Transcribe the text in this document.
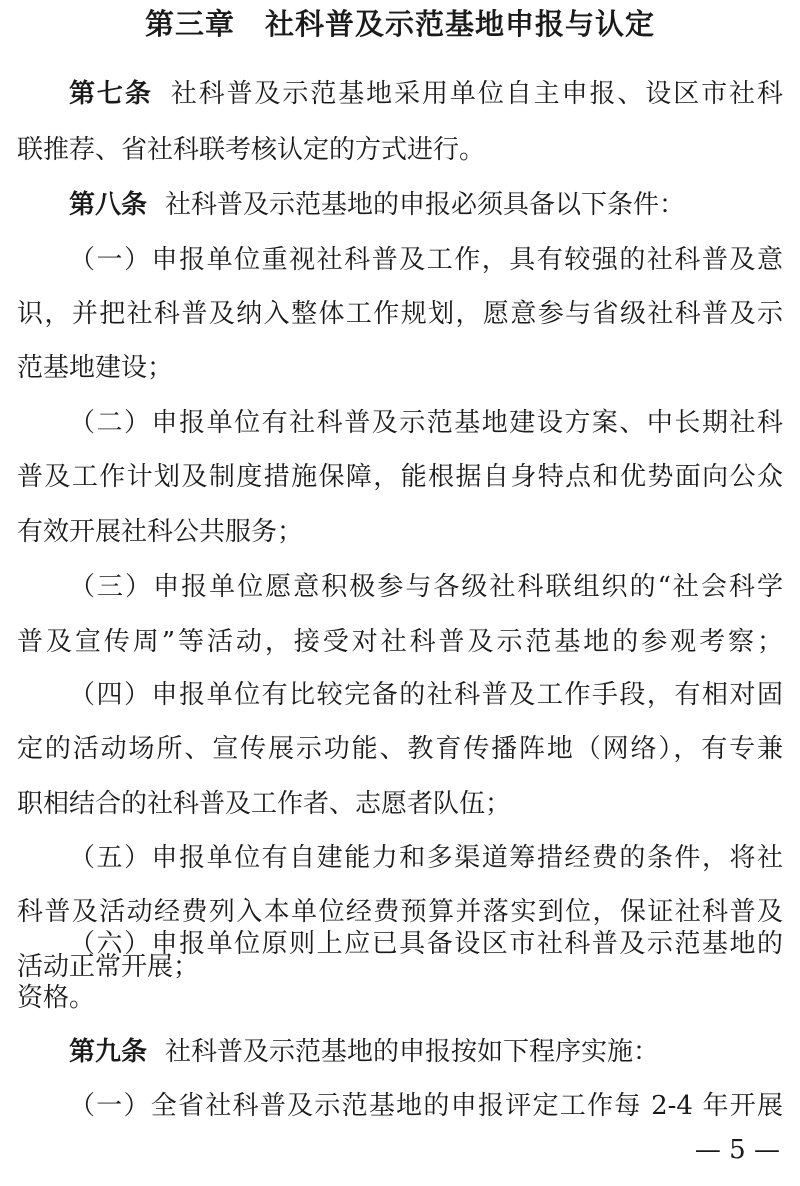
第三章　社科普及示范基地申报与认定
第七条 社科普及示范基地采用单位自主申报、设区市社科
联推荐、省社科联考核认定的方式进行。
第八条 社科普及示范基地的申报必须具备以下条件：
（一）申报单位重视社科普及工作，具有较强的社科普及意
识，并把社科普及纳入整体工作规划，愿意参与省级社科普及示
范基地建设；
（二）申报单位有社科普及示范基地建设方案、中长期社科
普及工作计划及制度措施保障，能根据自身特点和优势面向公众
有效开展社科公共服务；
（三）申报单位愿意积极参与各级社科联组织的“社会科学
普及宣传周”等活动，接受对社科普及示范基地的参观考察；
（四）申报单位有比较完备的社科普及工作手段，有相对固
定的活动场所、宣传展示功能、教育传播阵地（网络），有专兼
职相结合的社科普及工作者、志愿者队伍；
（五）申报单位有自建能力和多渠道筹措经费的条件，将社
科普及活动经费列入本单位经费预算并落实到位，保证社科普及
活动正常开展；
（六）申报单位原则上应已具备设区市社科普及示范基地的
资格。
— 5 —
第九条 社科普及示范基地的申报按如下程序实施：
（一）全省社科普及示范基地的申报评定工作每 2-4 年开展
